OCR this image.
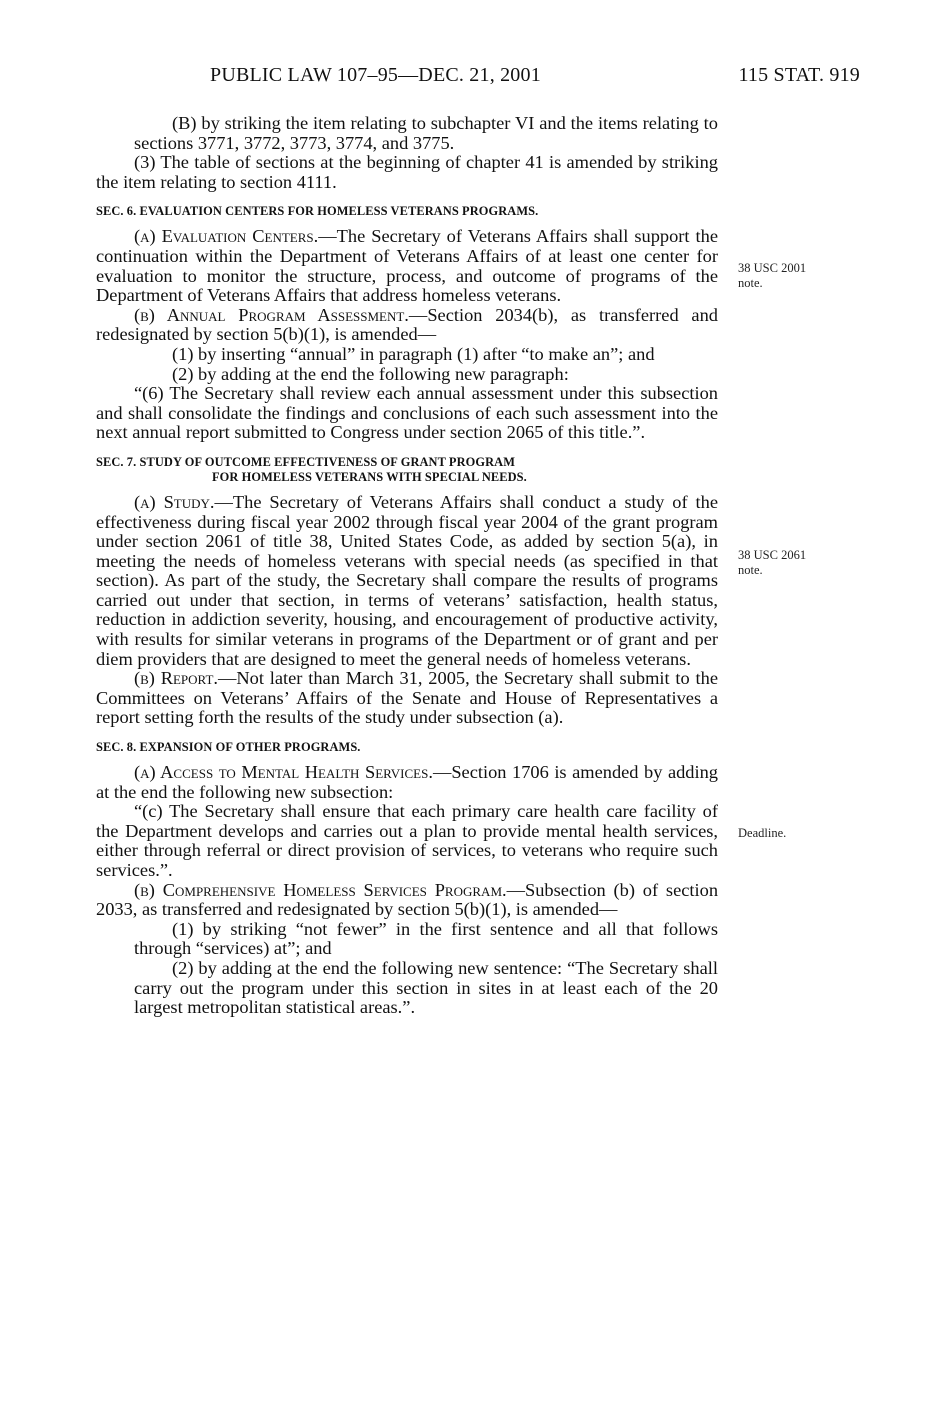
PUBLIC LAW 107–95—DEC. 21, 2001	115 STAT. 919

(B) by striking the item relating to subchapter VI and the items relating to sections 3771, 3772, 3773, 3774, and 3775.

(3) The table of sections at the beginning of chapter 41 is amended by striking the item relating to section 4111.

SEC. 6. EVALUATION CENTERS FOR HOMELESS VETERANS PROGRAMS.

(a) Evaluation Centers.—The Secretary of Veterans Affairs shall support the continuation within the Department of Veterans Affairs of at least one center for evaluation to monitor the structure, process, and outcome of programs of the Department of Veterans Affairs that address homeless veterans.

(b) Annual Program Assessment.—Section 2034(b), as transferred and redesignated by section 5(b)(1), is amended—

(1) by inserting “annual” in paragraph (1) after “to make an”; and

(2) by adding at the end the following new paragraph:

“(6) The Secretary shall review each annual assessment under this subsection and shall consolidate the findings and conclusions of each such assessment into the next annual report submitted to Congress under section 2065 of this title.”.

SEC. 7. STUDY OF OUTCOME EFFECTIVENESS OF GRANT PROGRAM
FOR HOMELESS VETERANS WITH SPECIAL NEEDS.

(a) Study.—The Secretary of Veterans Affairs shall conduct a study of the effectiveness during fiscal year 2002 through fiscal year 2004 of the grant program under section 2061 of title 38, United States Code, as added by section 5(a), in meeting the needs of homeless veterans with special needs (as specified in that section). As part of the study, the Secretary shall compare the results of programs carried out under that section, in terms of veterans’ satisfaction, health status, reduction in addiction severity, housing, and encouragement of productive activity, with results for similar veterans in programs of the Department or of grant and per diem providers that are designed to meet the general needs of homeless veterans.

(b) Report.—Not later than March 31, 2005, the Secretary shall submit to the Committees on Veterans’ Affairs of the Senate and House of Representatives a report setting forth the results of the study under subsection (a).

SEC. 8. EXPANSION OF OTHER PROGRAMS.

(a) Access to Mental Health Services.—Section 1706 is amended by adding at the end the following new subsection:

“(c) The Secretary shall ensure that each primary care health care facility of the Department develops and carries out a plan to provide mental health services, either through referral or direct provision of services, to veterans who require such services.”.

(b) Comprehensive Homeless Services Program.—Subsection (b) of section 2033, as transferred and redesignated by section 5(b)(1), is amended—

(1) by striking “not fewer” in the first sentence and all that follows through “services) at”; and

(2) by adding at the end the following new sentence: “The Secretary shall carry out the program under this section in sites in at least each of the 20 largest metropolitan statistical areas.”.

38 USC 2001
note.
38 USC 2061
note.
Deadline.
